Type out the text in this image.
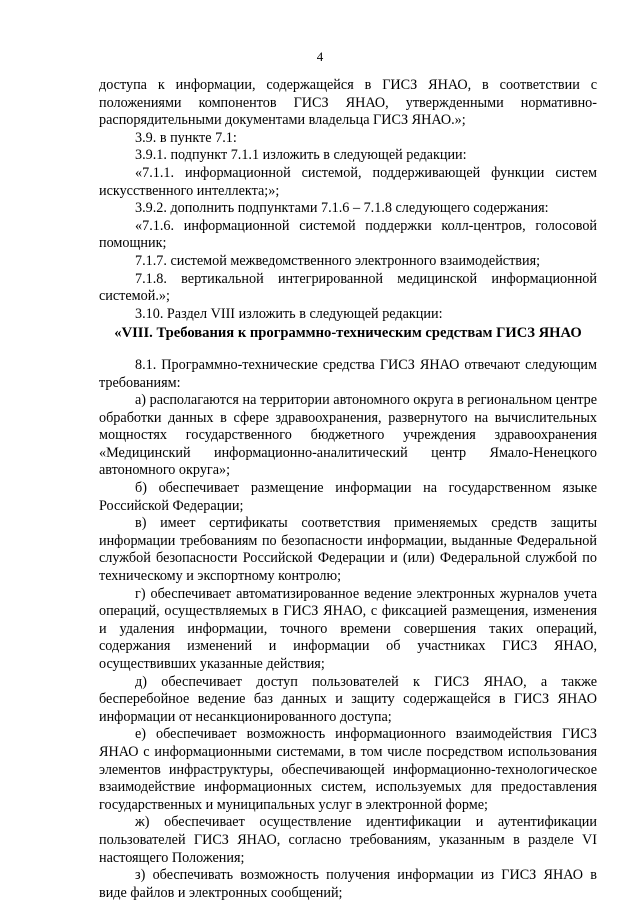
4

доступа к информации, содержащейся в ГИСЗ ЯНАО, в соответствии с положениями компонентов ГИСЗ ЯНАО, утвержденными нормативно-распорядительными документами владельца ГИСЗ ЯНАО.»;

3.9. в пункте 7.1:

3.9.1. подпункт 7.1.1 изложить в следующей редакции:

«7.1.1. информационной системой, поддерживающей функции систем искусственного интеллекта;»;

3.9.2. дополнить подпунктами 7.1.6 – 7.1.8 следующего содержания:

«7.1.6. информационной системой поддержки колл-центров, голосовой помощник;

7.1.7. системой межведомственного электронного взаимодействия;

7.1.8. вертикальной интегрированной медицинской информационной системой.»;

3.10. Раздел VIII изложить в следующей редакции:

«VIII. Требования к программно-техническим средствам ГИСЗ ЯНАО

8.1. Программно-технические средства ГИСЗ ЯНАО отвечают следующим требованиям:

а) располагаются на территории автономного округа в региональном центре обработки данных в сфере здравоохранения, развернутого на вычислительных мощностях государственного бюджетного учреждения здравоохранения «Медицинский информационно-аналитический центр Ямало-Ненецкого автономного округа»;

б) обеспечивает размещение информации на государственном языке Российской Федерации;

в) имеет сертификаты соответствия применяемых средств защиты информации требованиям по безопасности информации, выданные Федеральной службой безопасности Российской Федерации и (или) Федеральной службой по техническому и экспортному контролю;

г) обеспечивает автоматизированное ведение электронных журналов учета операций, осуществляемых в ГИСЗ ЯНАО, с фиксацией размещения, изменения и удаления информации, точного времени совершения таких операций, содержания изменений и информации об участниках ГИСЗ ЯНАО, осуществивших указанные действия;

д) обеспечивает доступ пользователей к ГИСЗ ЯНАО, а также бесперебойное ведение баз данных и защиту содержащейся в ГИСЗ ЯНАО информации от несанкционированного доступа;

е) обеспечивает возможность информационного взаимодействия ГИСЗ ЯНАО с информационными системами, в том числе посредством использования элементов инфраструктуры, обеспечивающей информационно-технологическое взаимодействие информационных систем, используемых для предоставления государственных и муниципальных услуг в электронной форме;

ж) обеспечивает осуществление идентификации и аутентификации пользователей ГИСЗ ЯНАО, согласно требованиям, указанным в разделе VI настоящего Положения;

з) обеспечивать возможность получения информации из ГИСЗ ЯНАО в виде файлов и электронных сообщений;
